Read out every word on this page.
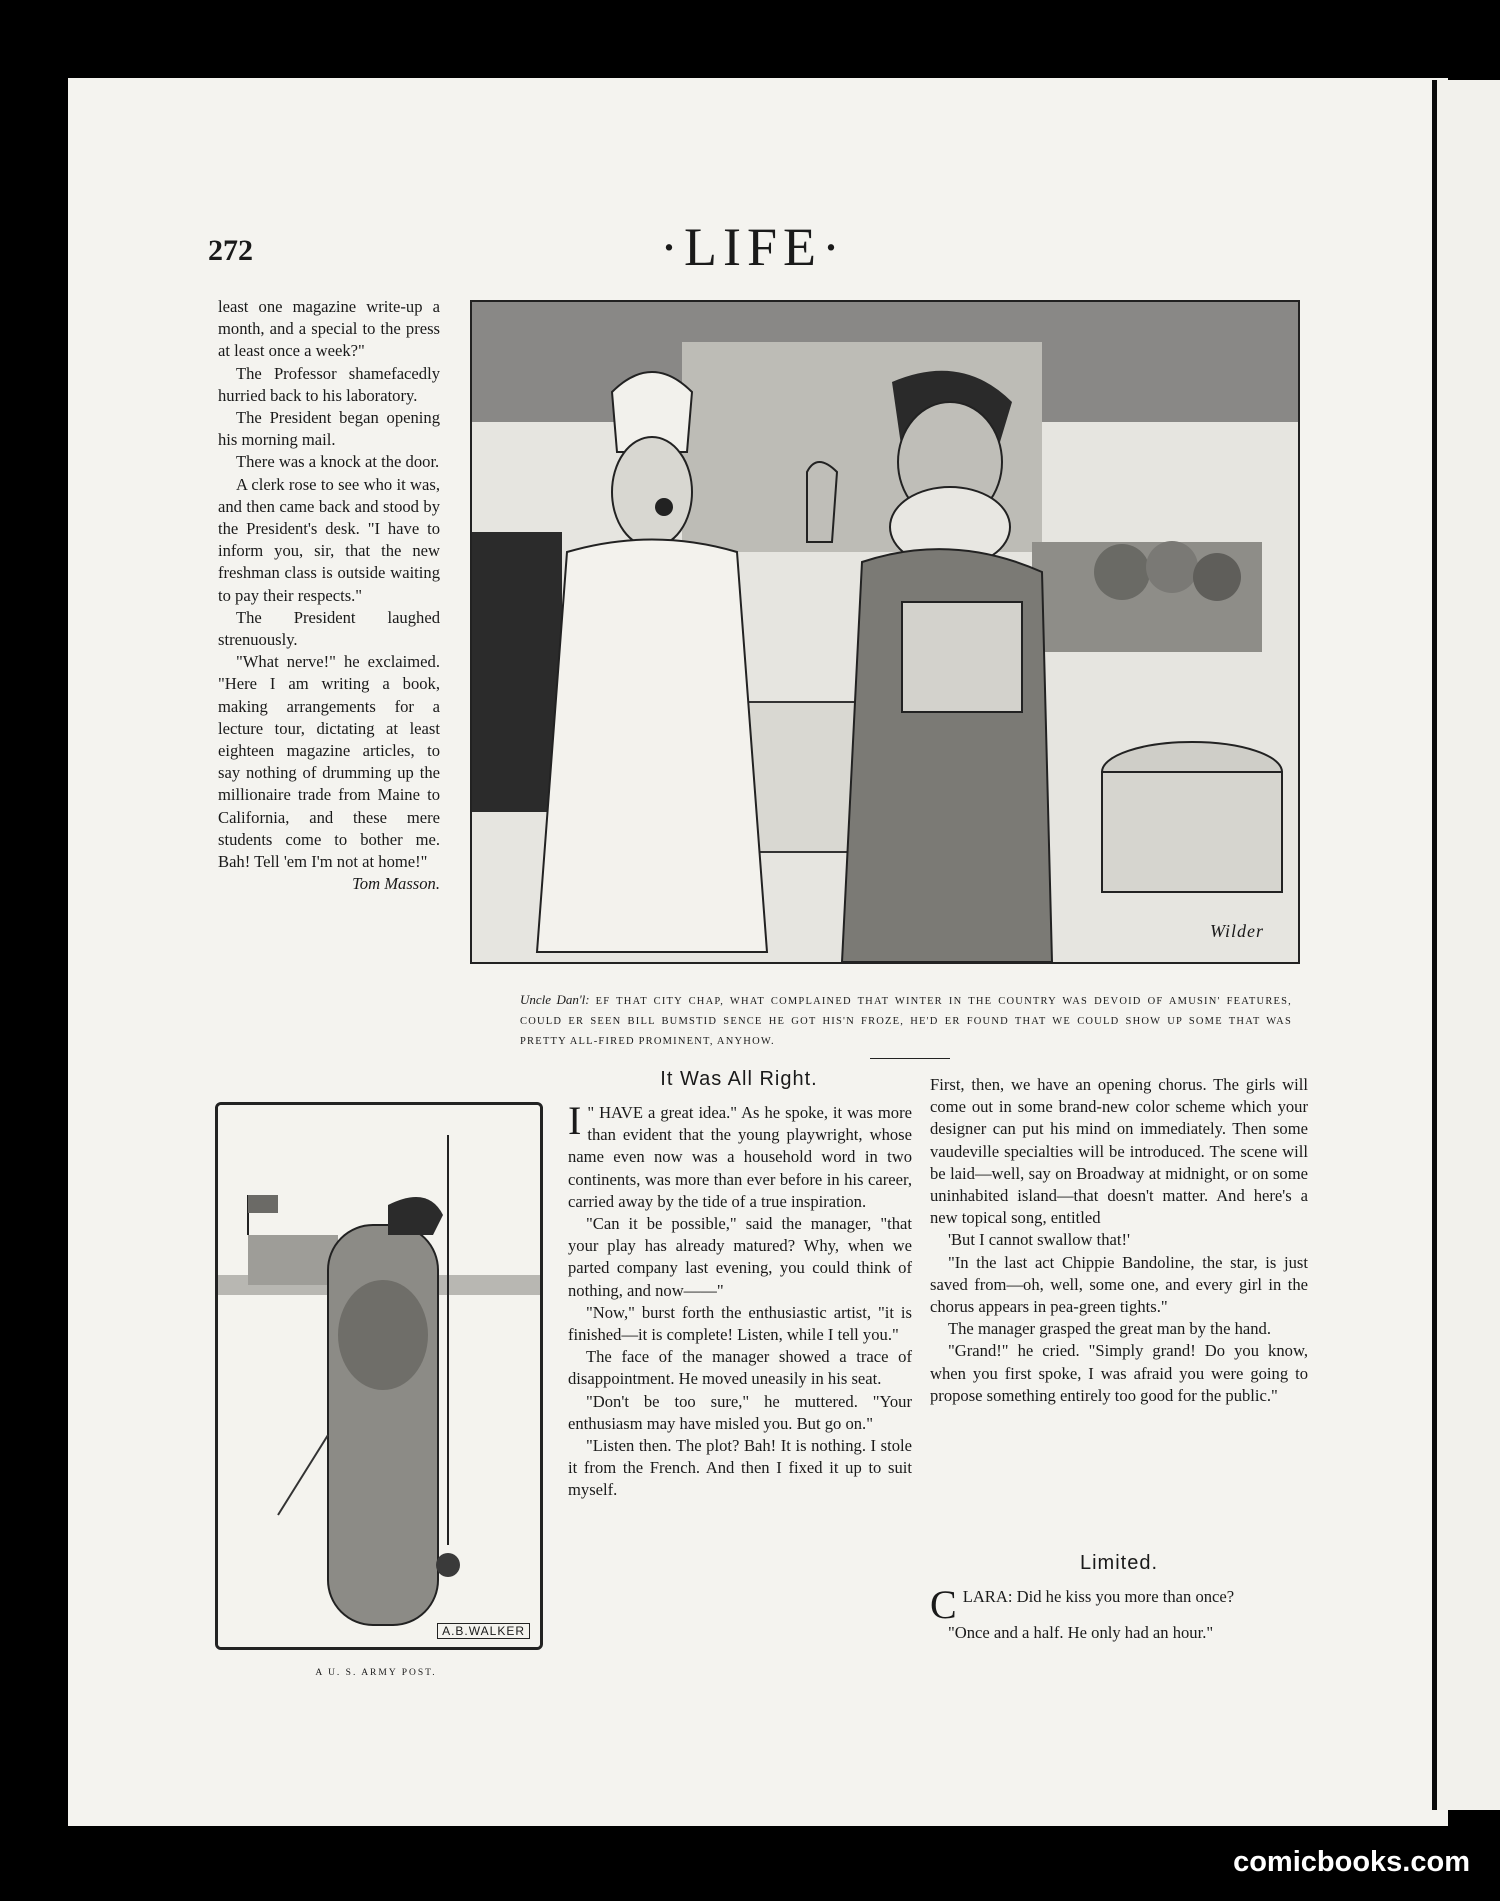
272	·LIFE·

least one magazine write-up a month, and a special to the press at least once a week?"

The Professor shamefacedly hurried back to his laboratory.

The President began opening his morning mail.

There was a knock at the door.

A clerk rose to see who it was, and then came back and stood by the President's desk. "I have to inform you, sir, that the new freshman class is outside waiting to pay their respects."

The President laughed strenuously.

"What nerve!" he exclaimed. "Here I am writing a book, making arrangements for a lecture tour, dictating at least eighteen magazine articles, to say nothing of drumming up the millionaire trade from Maine to California, and these mere students come to bother me. Bah! Tell 'em I'm not at home!"

Tom Masson.
Wilder
Uncle Dan'l: EF THAT CITY CHAP, WHAT COMPLAINED THAT WINTER IN THE COUNTRY WAS DEVOID OF AMUSIN' FEATURES, COULD ER SEEN BILL BUMSTID SENCE HE GOT HIS'N FROZE, HE'D ER FOUND THAT WE COULD SHOW UP SOME THAT WAS PRETTY ALL-FIRED PROMINENT, ANYHOW.
A.B.WALKER
A U. S. ARMY POST.
It Was All Right.
I " HAVE a great idea." As he spoke, it was more than evident that the young playwright, whose name even now was a household word in two continents, was more than ever before in his career, carried away by the tide of a true inspiration.

"Can it be possible," said the manager, "that your play has already matured? Why, when we parted company last evening, you could think of nothing, and now——"

"Now," burst forth the enthusiastic artist, "it is finished—it is complete! Listen, while I tell you."

The face of the manager showed a trace of disappointment. He moved uneasily in his seat.

"Don't be too sure," he muttered. "Your enthusiasm may have misled you. But go on."

"Listen then. The plot? Bah! It is nothing. I stole it from the French. And then I fixed it up to suit myself.

First, then, we have an opening chorus. The girls will come out in some brand-new color scheme which your designer can put his mind on immediately. Then some vaudeville specialties will be introduced. The scene will be laid—well, say on Broadway at midnight, or on some uninhabited island—that doesn't matter. And here's a new topical song, entitled

'But I cannot swallow that!'

"In the last act Chippie Bandoline, the star, is just saved from—oh, well, some one, and every girl in the chorus appears in pea-green tights."

The manager grasped the great man by the hand.

"Grand!" he cried. "Simply grand! Do you know, when you first spoke, I was afraid you were going to propose something entirely too good for the public."

Limited.
C LARA: Did he kiss you more than once?

"Once and a half. He only had an hour."

comicbooks.com
